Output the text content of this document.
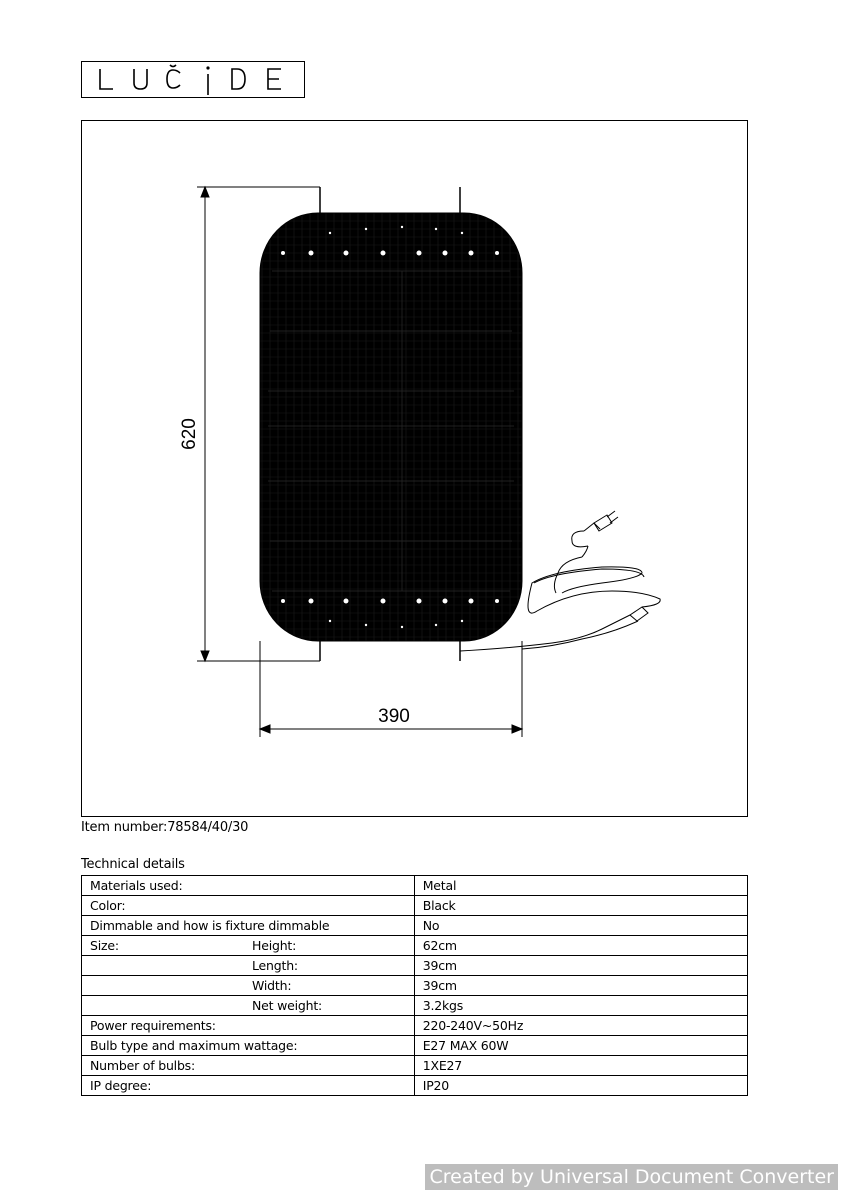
620
390
Item number:78584/40/30
Technical details
Materials used:	Metal
Color:	Black
Dimmable and how is fixture dimmable	No
Size: Height:	62cm

Length:	39cm

Width:	39cm

Net weight:	3.2kgs
Power requirements:	220-240V~50Hz
Bulb type and maximum wattage:	E27 MAX 60W
Number of bulbs:	1XE27
IP degree:	IP20
Created by Universal Document Converter
